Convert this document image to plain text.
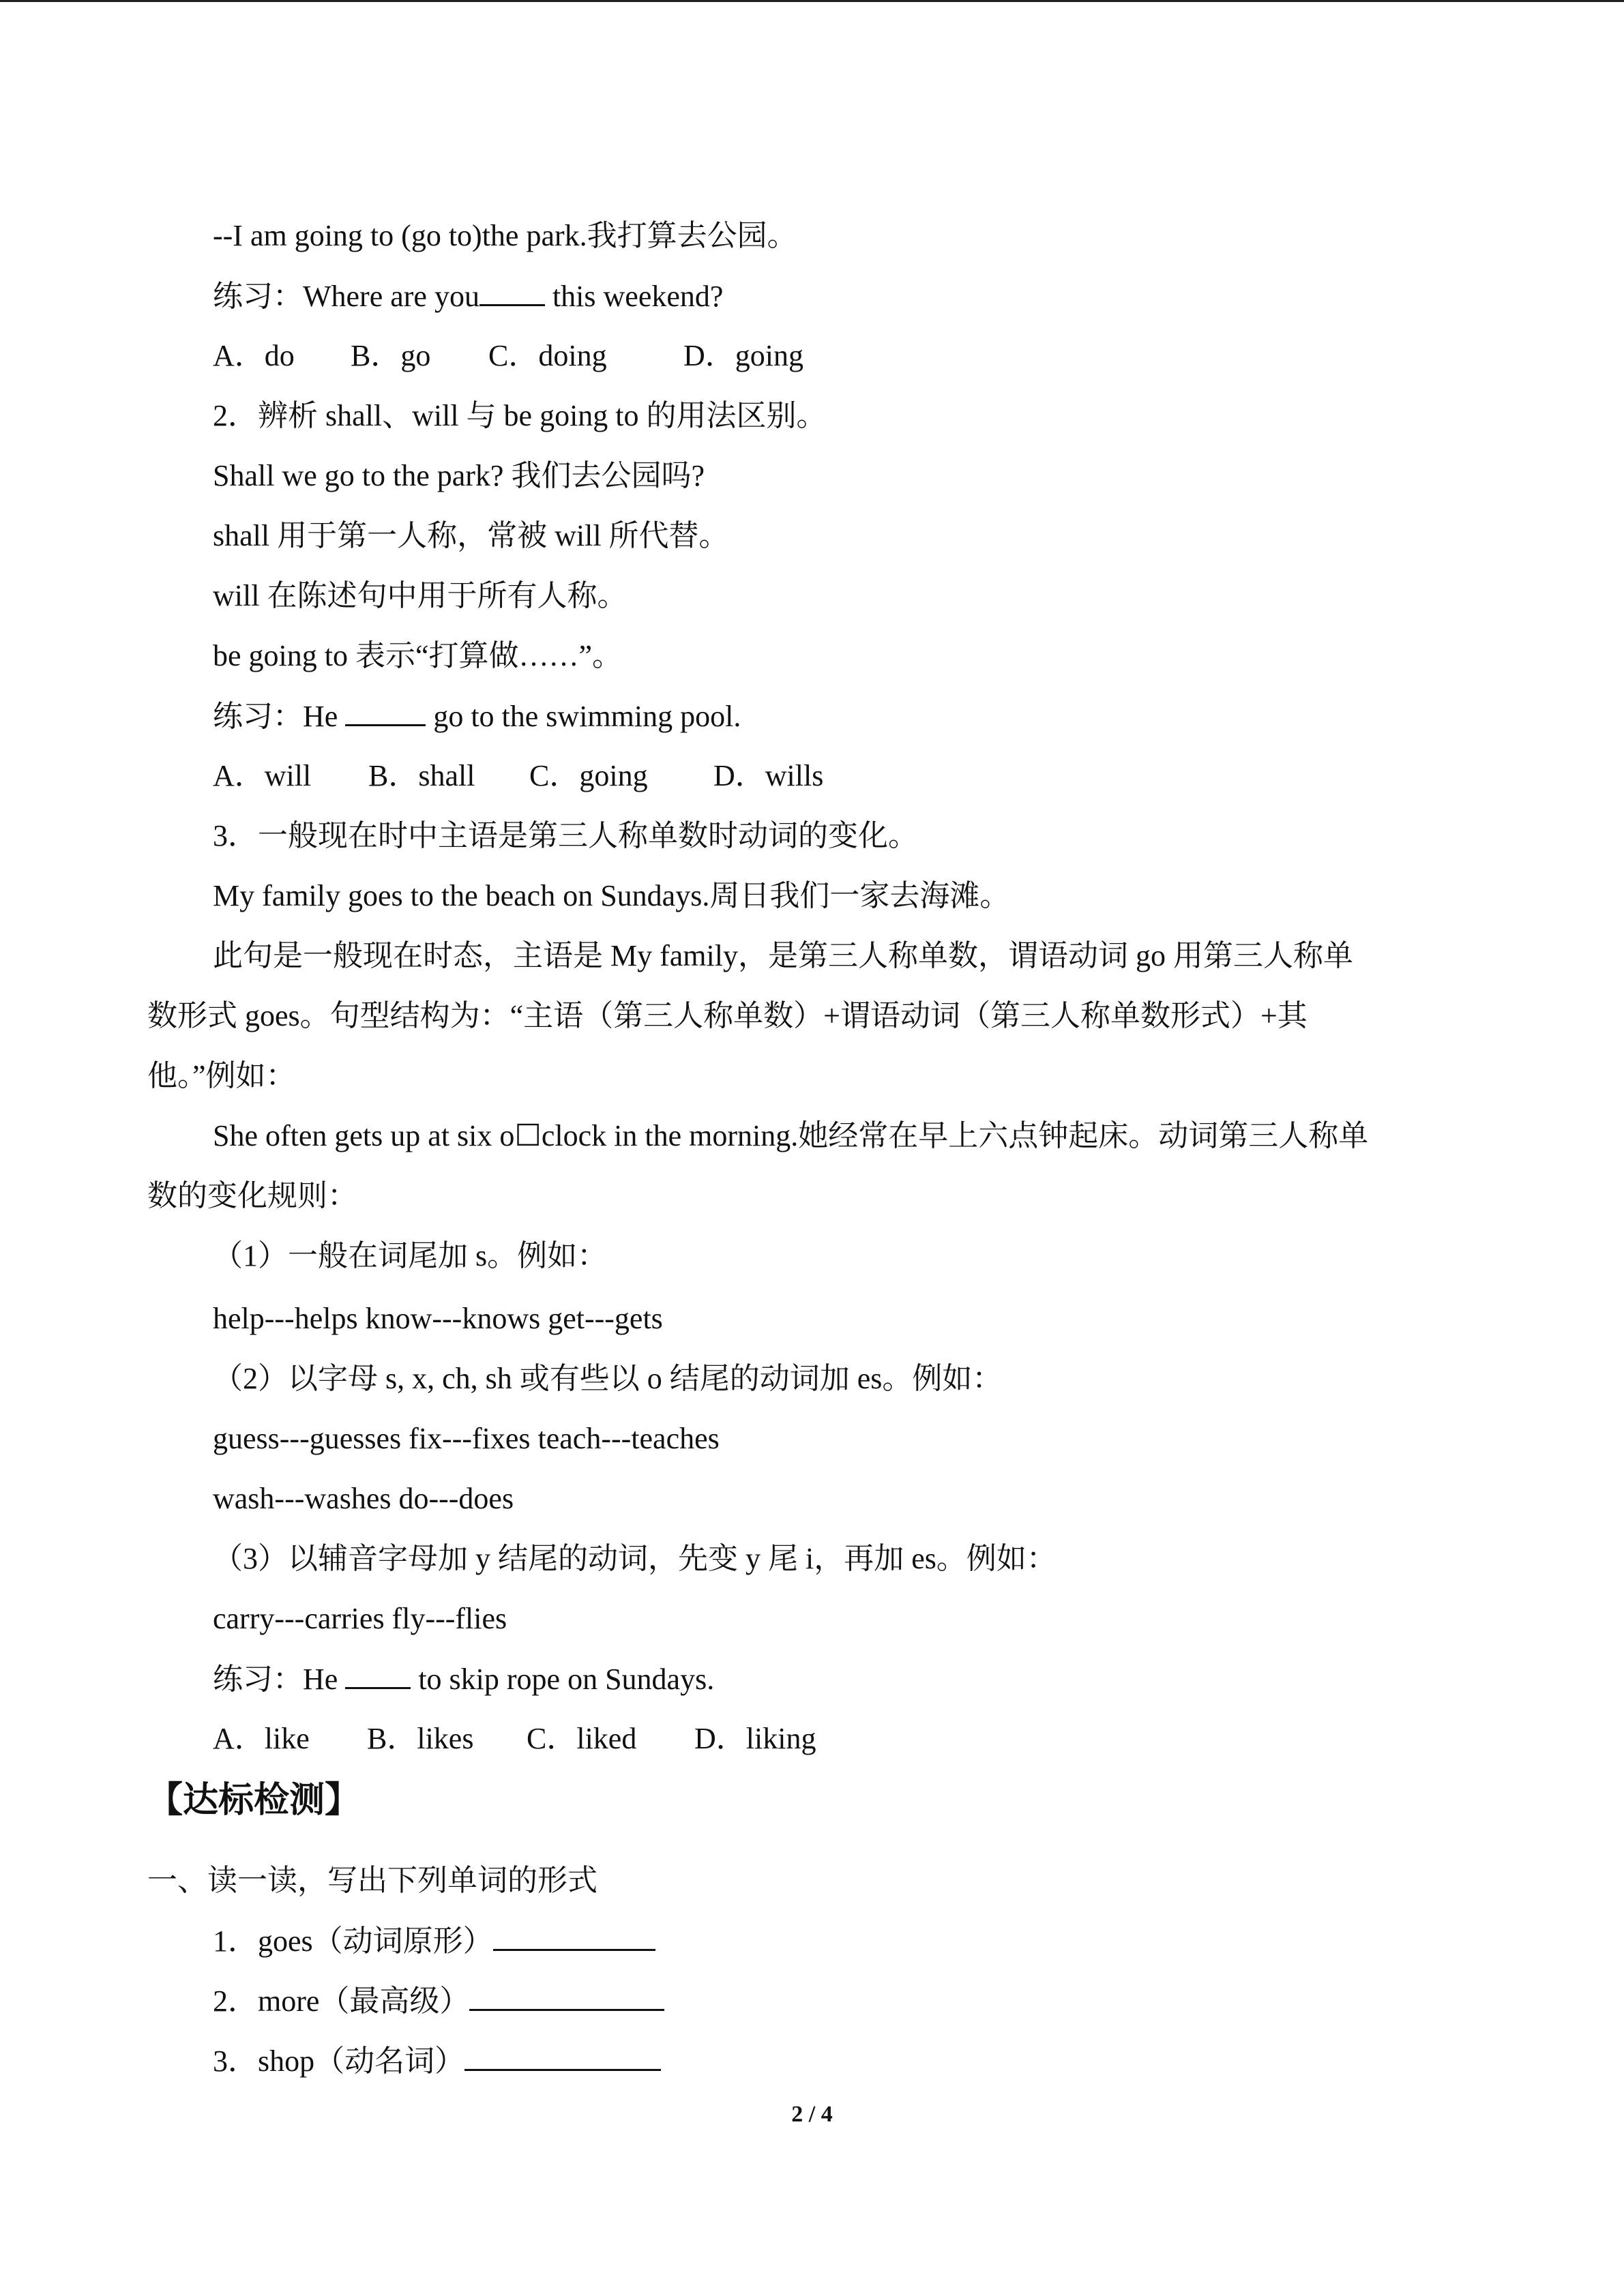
--I am going to (go to)the park.我打算去公园。
练习：Where are you this weekend?
A．do B．go C．doing	D．going
2．辨析 shall、will 与 be going to 的用法区别。
Shall we go to the park? 我们去公园吗?
shall 用于第一人称，常被 will 所代替。
will 在陈述句中用于所有人称。
be going to 表示“打算做……”。
练习：He	go to the swimming pool.
A．will B．shall C．going D．wills
3．一般现在时中主语是第三人称单数时动词的变化。
My family goes to the beach on Sundays.周日我们一家去海滩。
此句是一般现在时态，主语是 My family，是第三人称单数，谓语动词 go 用第三人称单
数形式 goes。句型结构为：“主语（第三人称单数）+谓语动词（第三人称单数形式）+其
他。”例如：
She often gets up at six o☐clock in the morning.她经常在早上六点钟起床。动词第三人称单
数的变化规则：
（1）一般在词尾加 s。例如：
help---helps know---knows get---gets
（2）以字母 s, x, ch, sh 或有些以 o 结尾的动词加 es。例如：
guess---guesses fix---fixes teach---teaches
wash---washes do---does
（3）以辅音字母加 y 结尾的动词，先变 y 尾 i，再加 es。例如：
carry---carries fly---flies
练习：He  to skip rope on Sundays.
A．like B．likes C．liked D．liking
【达标检测】
一、读一读，写出下列单词的形式
1．goes（动词原形）
2．more（最高级）
3．shop（动名词）
2 / 4
